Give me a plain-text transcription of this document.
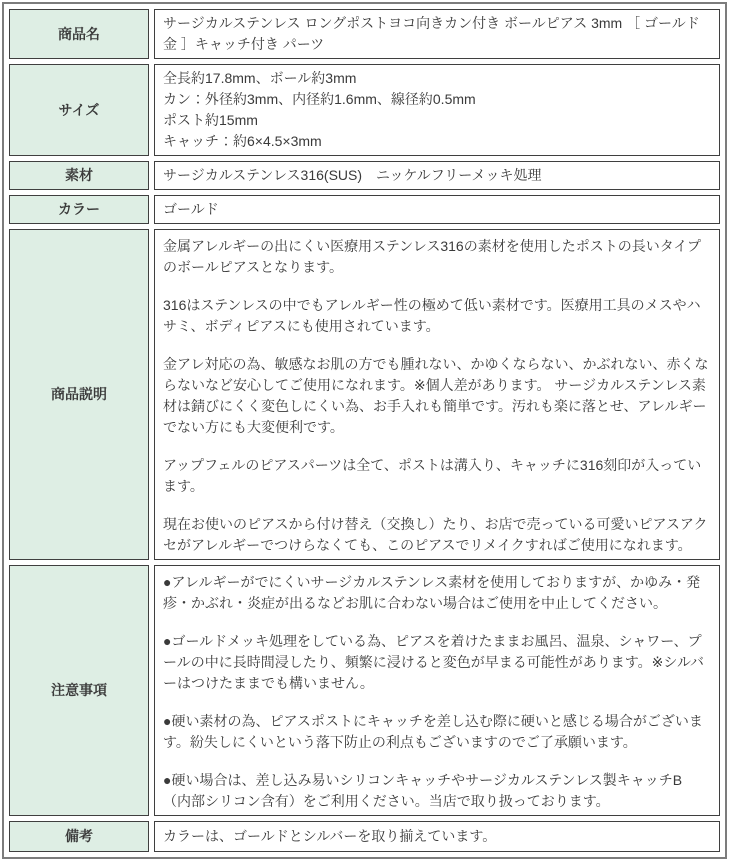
商品名	サージカルステンレス ロングポストヨコ向きカン付き ボールピアス 3mm ［ ゴールド 金 ］キャッチ付き パーツ

サイズ	全長約17.8mm、ボール約3mm
カン：外径約3mm、内径約1.6mm、線径約0.5mm
ポスト約15mm
キャッチ：約6×4.5×3mm

素材	サージカルステンレス316(SUS)　ニッケルフリーメッキ処理

カラー	ゴールド

商品説明	金属アレルギーの出にくい医療用ステンレス316の素材を使用したポストの長いタイプのボールピアスとなります。
316はステンレスの中でもアレルギー性の極めて低い素材です。医療用工具のメスやハサミ、ボディピアスにも使用されています。
金アレ対応の為、敏感なお肌の方でも腫れない、かゆくならない、かぶれない、赤くならないなど安心してご使用になれます。※個人差があります。 サージカルステンレス素材は錆びにくく変色しにくい為、お手入れも簡単です。汚れも楽に落とせ、アレルギーでない方にも大変便利です。
アップフェルのピアスパーツは全て、ポストは溝入り、キャッチに316刻印が入っています。
現在お使いのピアスから付け替え（交換し）たり、お店で売っている可愛いピアスアクセがアレルギーでつけらなくても、このピアスでリメイクすればご使用になれます。

注意事項	●アレルギーがでにくいサージカルステンレス素材を使用しておりますが、かゆみ・発疹・かぶれ・炎症が出るなどお肌に合わない場合はご使用を中止してください。
●ゴールドメッキ処理をしている為、ピアスを着けたままお風呂、温泉、シャワー、プールの中に長時間浸したり、頻繁に浸けると変色が早まる可能性があります。※シルバーはつけたままでも構いません。
●硬い素材の為、ピアスポストにキャッチを差し込む際に硬いと感じる場合がございます。紛失しにくいという落下防止の利点もございますのでご了承願います。
●硬い場合は、差し込み易いシリコンキャッチやサージカルステンレス製キャッチB（内部シリコン含有）をご利用ください。当店で取り扱っております。

備考	カラーは、ゴールドとシルバーを取り揃えています。
